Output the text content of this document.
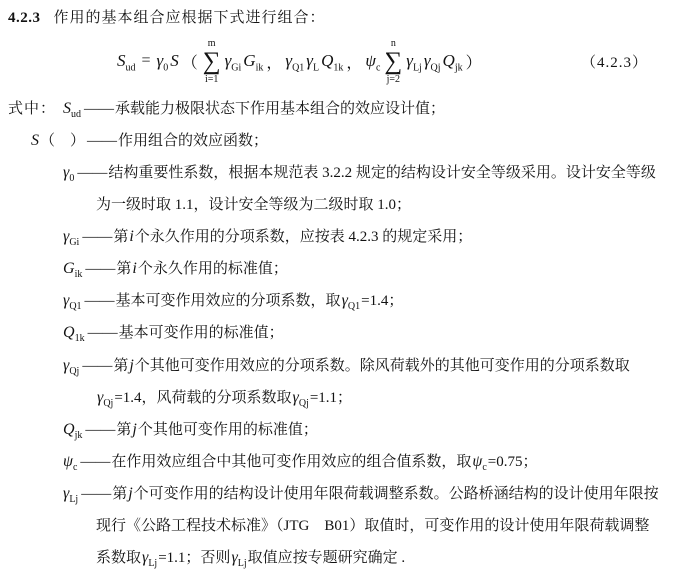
4.2.3 作用的基本组合应根据下式进行组合：
$S_{ud} = \gamma_0$ S （
m
∑
i=1
$\gamma_{Gi}$ $G_{ik}$ ， $\gamma_{Q1}$ $\gamma_L$ $Q_{1k}$ ， $\psi_c$
n
∑
j=2
$\gamma_{Lj}$ $\gamma_{Qj}$ $Q_{jk}$ ）	（4.2.3）
式中： $S_{ud}$ ——承载能力极限状态下作用基本组合的效应设计值；
S（　） ——作用组合的效应函数；
$\gamma_0$ ——结构重要性系数，根据本规范表 3.2.2 规定的结构设计安全等级采用。设计安全等级为一级时取 1.1，设计安全等级为二级时取 1.0；
$\gamma_{Gi}$ ——第i个永久作用的分项系数，应按表 4.2.3 的规定采用；
$G_{ik}$ ——第i个永久作用的标准值；
$\gamma_{Q1}$ ——基本可变作用效应的分项系数，取$\gamma_{Q1}=1.4$；
$Q_{1k}$ ——基本可变作用的标准值；
$\gamma_{Qj}$ ——第j个其他可变作用效应的分项系数。除风荷载外的其他可变作用的分项系数取$\gamma_{Qj}=1.4$，风荷载的分项系数取$\gamma_{Qj}=1.1$；
$Q_{jk}$ ——第j个其他可变作用的标准值；
$\psi_c$ ——在作用效应组合中其他可变作用效应的组合值系数，取$\psi_c=0.75$；
$\gamma_{Lj}$ ——第j个可变作用的结构设计使用年限荷载调整系数。公路桥涵结构的设计使用年限按现行《公路工程技术标准》（JTG　B01）取值时，可变作用的设计使用年限荷载调整系数取$\gamma_{Lj}=1.1$；否则$\gamma_{Lj}$取值应按专题研究确定 .
